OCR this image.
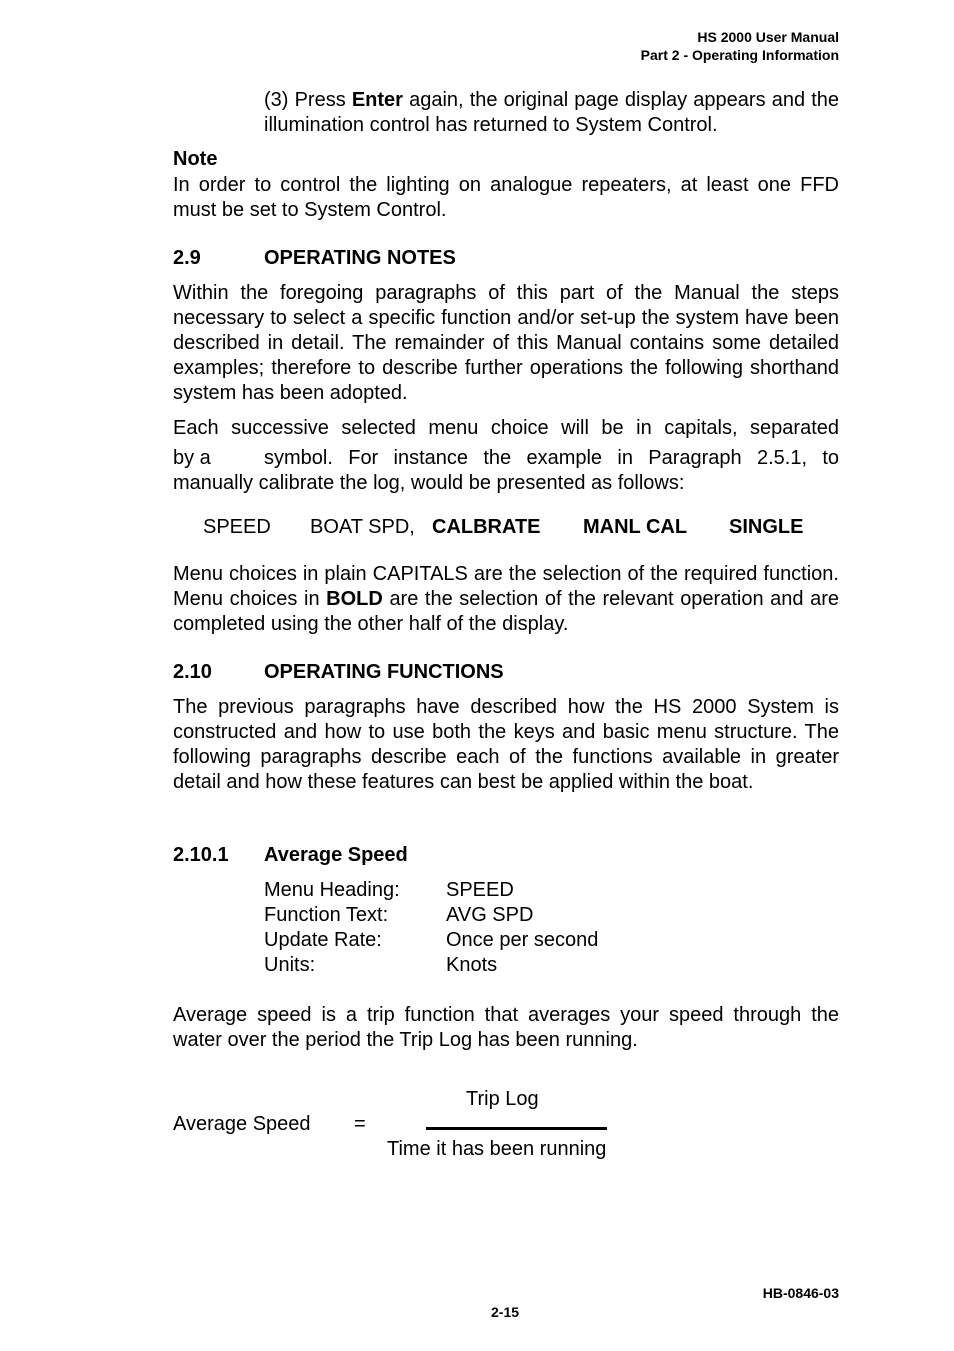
HS 2000 User Manual
Part 2 - Operating Information
(3) Press Enter again, the original page display appears and the illumination control has returned to System Control.
Note
In order to control the lighting on analogue repeaters, at least one FFD must be set to System Control.
2.9	OPERATING NOTES
Within the foregoing paragraphs of this part of the Manual the steps necessary to select a specific function and/or set-up the system have been described in detail. The remainder of this Manual contains some detailed examples; therefore to describe further operations the following shorthand system has been adopted.
Each successive selected menu choice will be in capitals, separated
by a	symbol. For instance the example in Paragraph 2.5.1, to manually calibrate the log, would be presented as follows:
SPEED BOAT SPD, CALBRATE MANL CAL SINGLE
Menu choices in plain CAPITALS are the selection of the required function. Menu choices in BOLD are the selection of the relevant operation and are completed using the other half of the display.
2.10	OPERATING FUNCTIONS
The previous paragraphs have described how the HS 2000 System is constructed and how to use both the keys and basic menu structure. The following paragraphs describe each of the functions available in greater detail and how these features can best be applied within the boat.
2.10.1 Average Speed
Menu Heading: SPEED
Function Text:	AVG SPD
Update Rate:	Once per second
Units:	Knots
Average speed is a trip function that averages your speed through the water over the period the Trip Log has been running.
Trip Log
Average Speed =
Time it has been running
HB-0846-03
2-15
